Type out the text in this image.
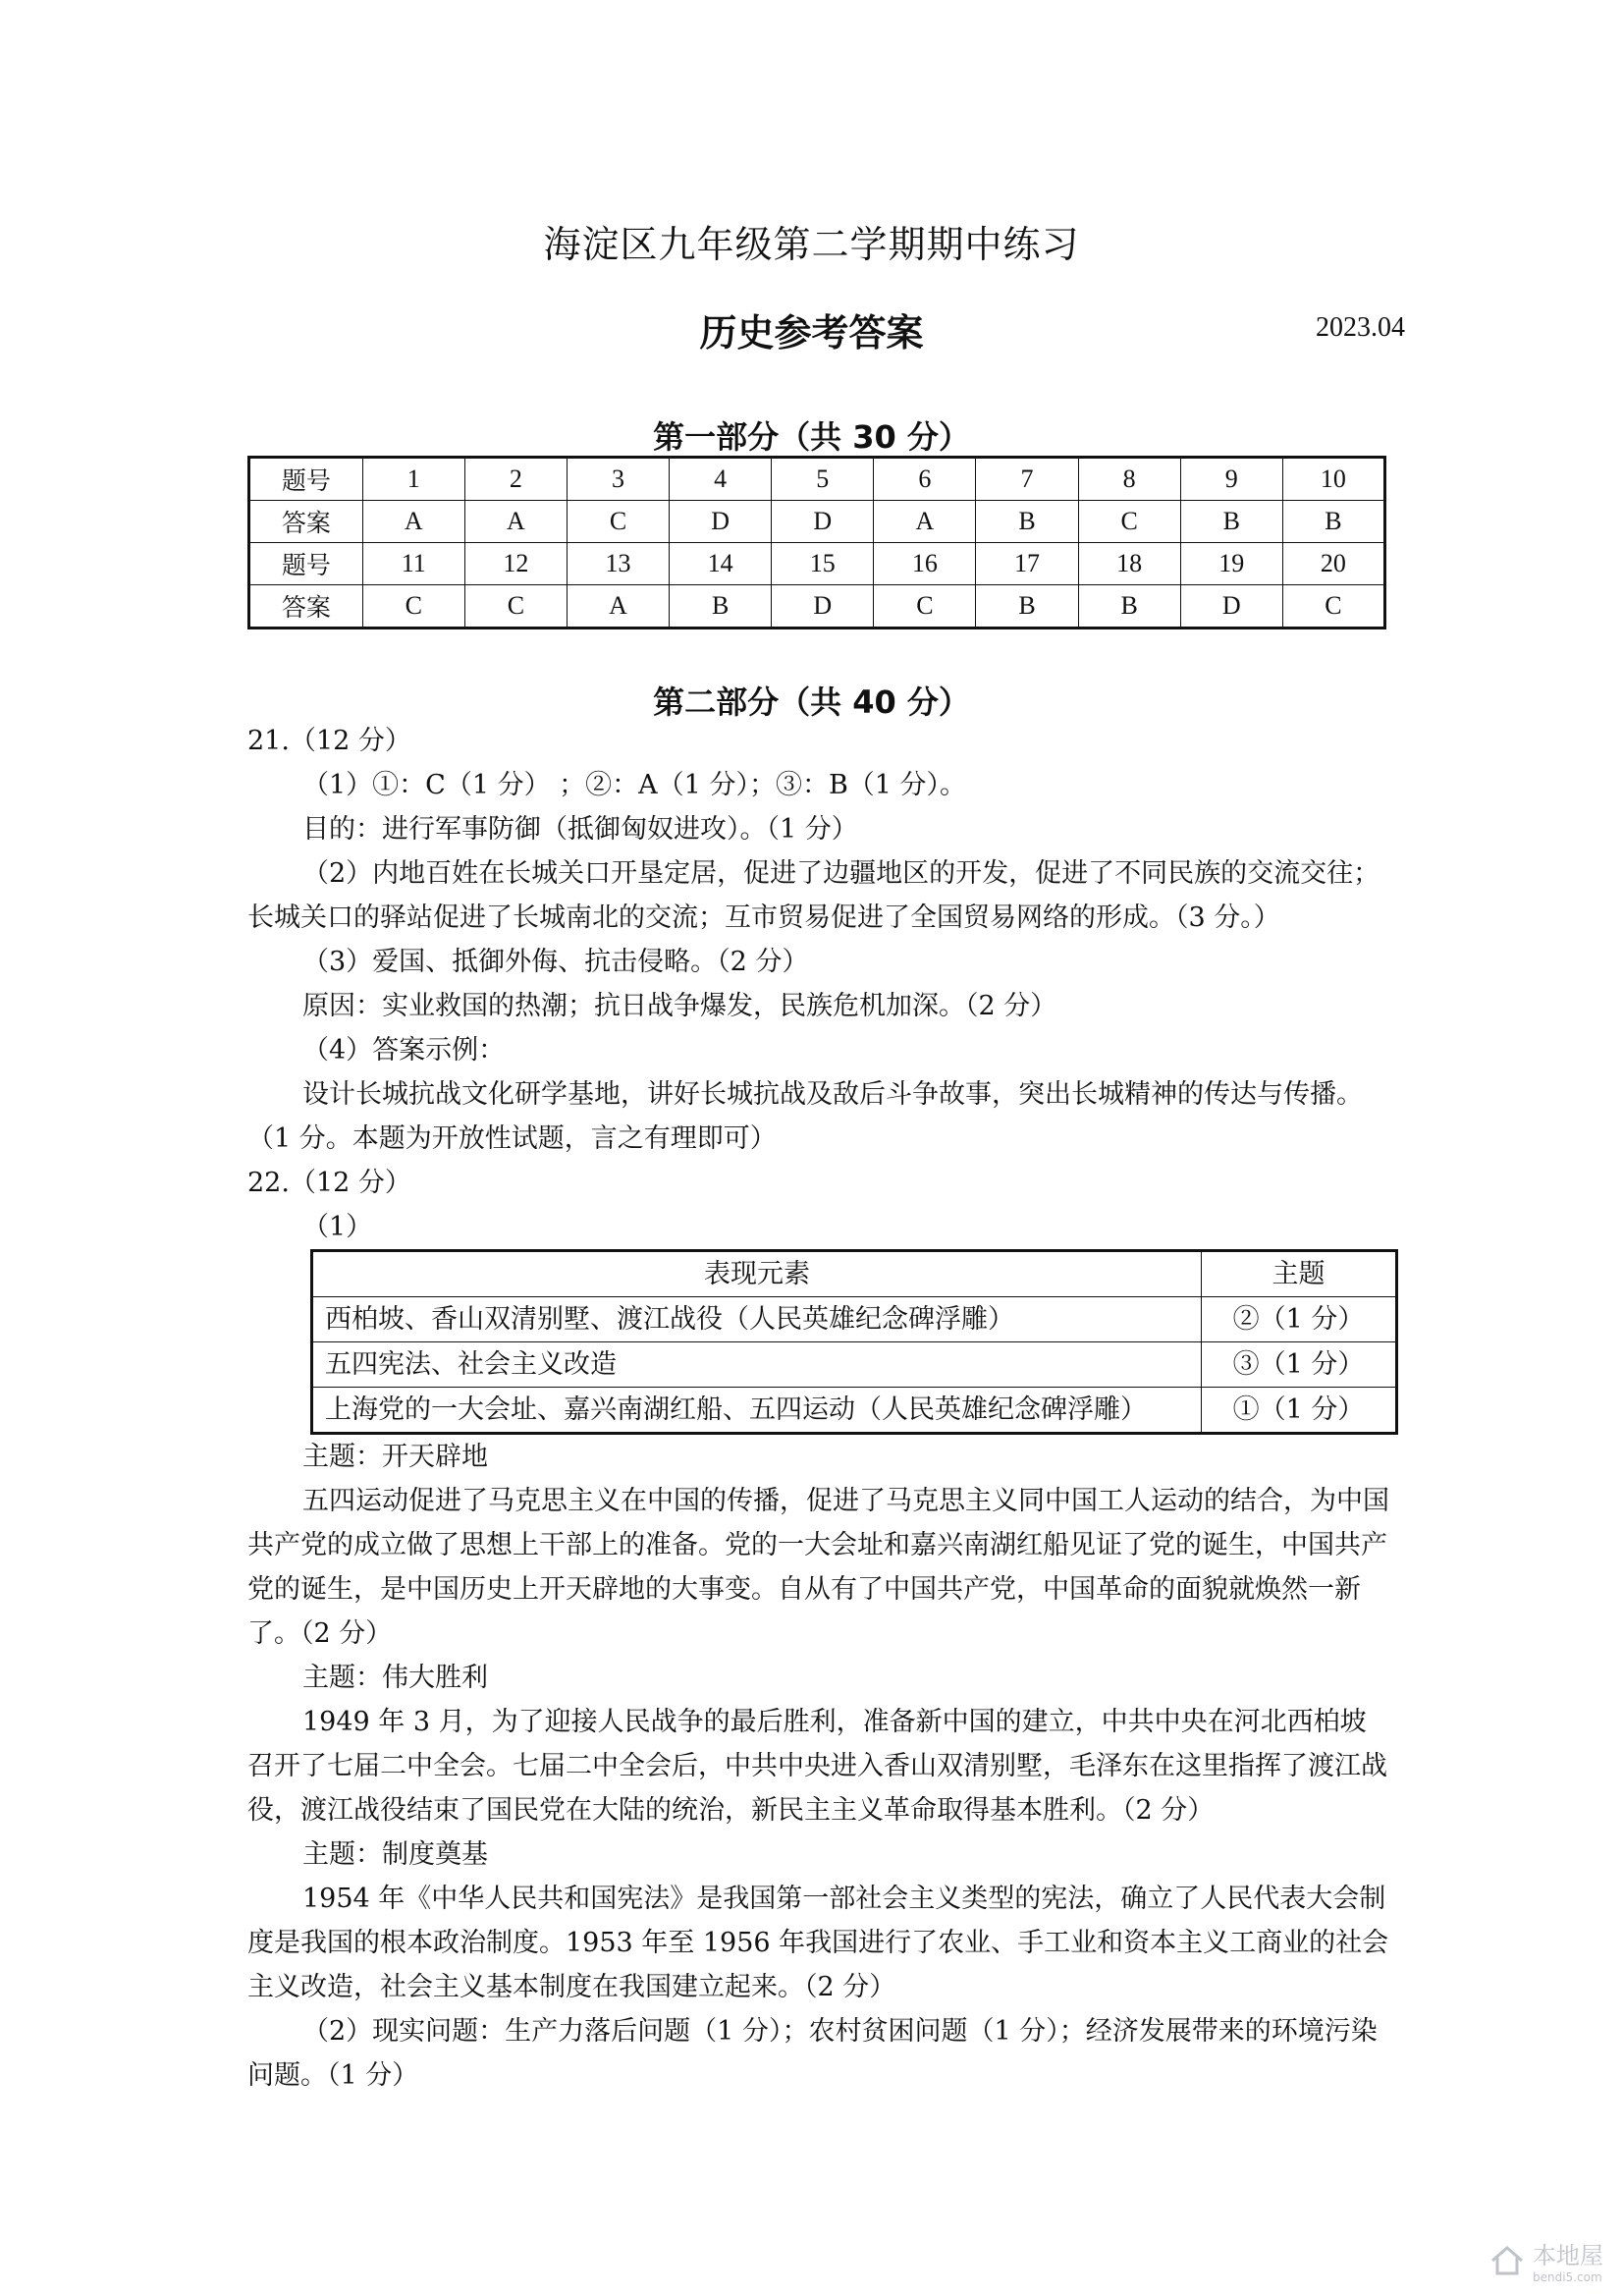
海淀区九年级第二学期期中练习
历史参考答案	2023.04
第一部分（共 30 分）
题号	1	2	3	4	5	6	7	8	9	10
答案	A	A	C	D	D	A	B	C	B	B
题号	11	12	13	14	15	16	17	18	19	20
答案	C	C	A	B	D	C	B	B	D	C
第二部分（共 40 分）

21.（12 分）

（1）①：C（1 分） ；②：A（1 分）；③：B（1 分）。

目的：进行军事防御（抵御匈奴进攻）。（1 分）

（2）内地百姓在长城关口开垦定居，促进了边疆地区的开发，促进了不同民族的交流交往；长城关口的驿站促进了长城南北的交流；互市贸易促进了全国贸易网络的形成。（3 分。）

（3）爱国、抵御外侮、抗击侵略。（2 分）

原因：实业救国的热潮；抗日战争爆发，民族危机加深。（2 分）

（4）答案示例：

设计长城抗战文化研学基地，讲好长城抗战及敌后斗争故事，突出长城精神的传达与传播。（1 分。本题为开放性试题，言之有理即可）

22.（12 分）

（1）

表现元素	主题
西柏坡、香山双清别墅、渡江战役（人民英雄纪念碑浮雕）	②（1 分）
五四宪法、社会主义改造	③（1 分）
上海党的一大会址、嘉兴南湖红船、五四运动（人民英雄纪念碑浮雕）	①（1 分）

主题：开天辟地

五四运动促进了马克思主义在中国的传播，促进了马克思主义同中国工人运动的结合，为中国共产党的成立做了思想上干部上的准备。党的一大会址和嘉兴南湖红船见证了党的诞生，中国共产党的诞生，是中国历史上开天辟地的大事变。自从有了中国共产党，中国革命的面貌就焕然一新了。（2 分）

主题：伟大胜利

1949 年 3 月，为了迎接人民战争的最后胜利，准备新中国的建立，中共中央在河北西柏坡召开了七届二中全会。七届二中全会后，中共中央进入香山双清别墅，毛泽东在这里指挥了渡江战役，渡江战役结束了国民党在大陆的统治，新民主主义革命取得基本胜利。（2 分）

主题：制度奠基

1954 年《中华人民共和国宪法》是我国第一部社会主义类型的宪法，确立了人民代表大会制度是我国的根本政治制度。1953 年至 1956 年我国进行了农业、手工业和资本主义工商业的社会主义改造，社会主义基本制度在我国建立起来。（2 分）

（2）现实问题：生产力落后问题（1 分）；农村贫困问题（1 分）；经济发展带来的环境污染问题。（1 分）

本地屋
bendi5.com
